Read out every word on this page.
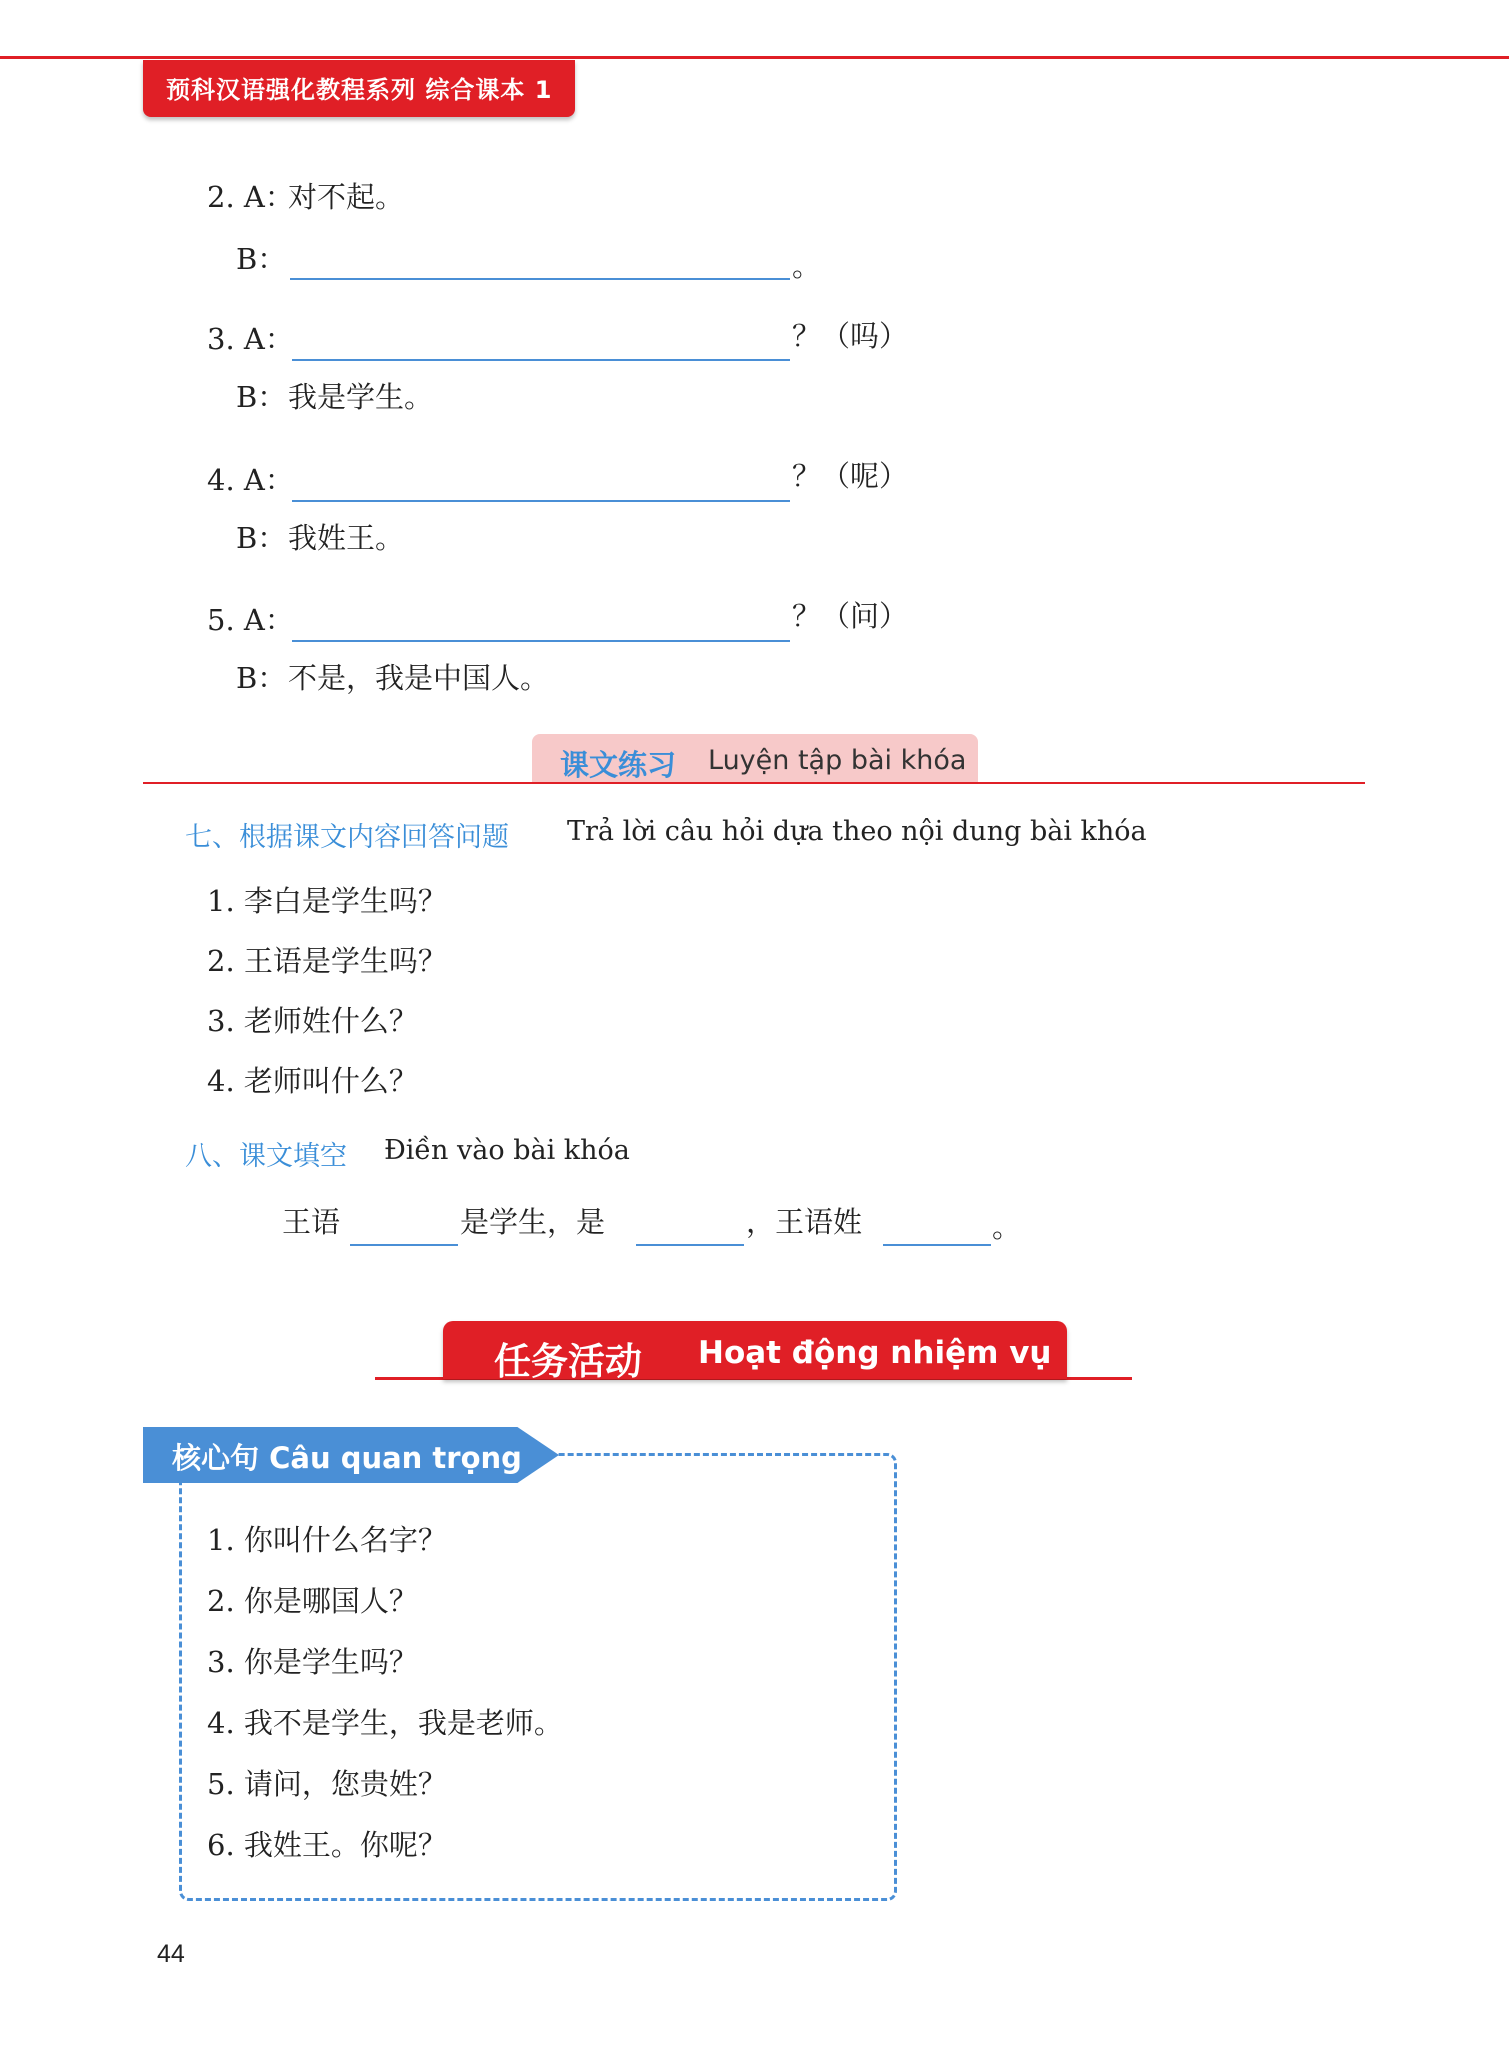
预科汉语强化教程系列 综合课本 1
2. A：
对不起。
B：	。
3. A：	？（吗）
B： 我是学生。
4. A：	？（呢）
B： 我姓王。
5. A：	？（问）
B： 不是，我是中国人。
课文练习 Luyện tập bài khóa
七、根据课文内容回答问题 Trả lời câu hỏi dựa theo nội dung bài khóa
1. 李白是学生吗？
2. 王语是学生吗？
3. 老师姓什么？
4. 老师叫什么？
八、课文填空 Điền vào bài khóa
王语	是学生，是	，王语姓	。
任务活动 Hoạt động nhiệm vụ
核心句 Câu quan trọng
1. 你叫什么名字？
2. 你是哪国人？
3. 你是学生吗？
4. 我不是学生，我是老师。
5. 请问，您贵姓？
6. 我姓王。你呢？
44
